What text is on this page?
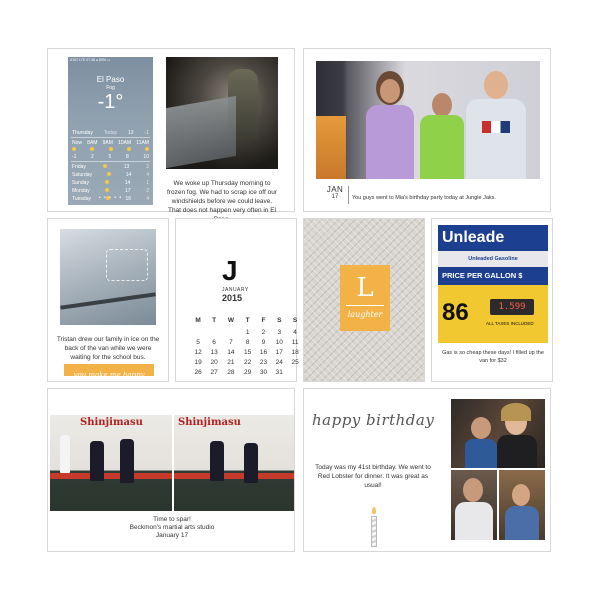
ATAT LTE 07:38 ● 89% ▭
El Paso
Fog
-1°
Thursday Today 13 -1
Now 8AM 9AM 10AM 11AM
-1	2	5	8	10
Friday	13	2
Saturday	14	4
Sunday	14	1
Monday	17	2
Tuesday	16	4
• • • • •
We woke up Thursday morning to frozen fog. We had to scrap ice off our windshields before we could leave. That does not happen very often in El
JAN
17	You guys went to Mia's birthday party today at Jungle Jaks.
Tristan drew our family in ice on the back of the van while we were waiting for the school bus.
you make me happy
J
JANUARY
2015
M	T	W	T	F	S	S
			1	2	3	4
5	6	7	8	9	10	11
12	13	14	15	16	17	18
19	20	21	22	23	24	25
26	27	28	29	30	31	
L
laughter
Unleade
Unleaded Gasoline
PRICE PER GALLON $
86	1.599
ALL TAXES INCLUDED
Gas is so cheap these days! I filled up the van for $32
Shinjimasu	Shinjimasu
Time to spar!
Beckmon's martial arts studio
January 17
happy birthday
Today was my 41st birthday. We went to Red Lobster for dinner. It was great as usual!
